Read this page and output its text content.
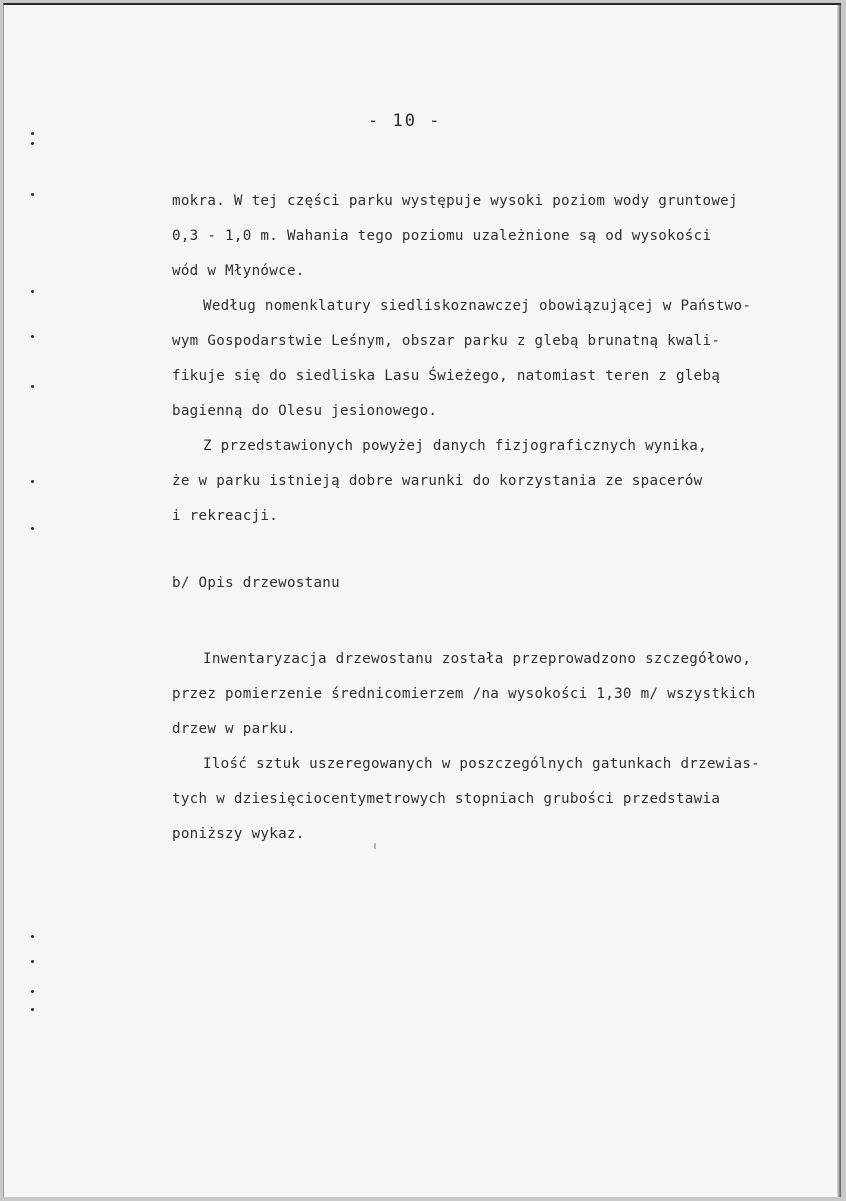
- 10 -
mokra. W tej części parku występuje wysoki poziom wody gruntowej
0,3 - 1,0 m. Wahania tego poziomu uzależnione są od wysokości
wód w Młynówce.
Według nomenklatury siedliskoznawczej obowiązującej w Państwo-
wym Gospodarstwie Leśnym, obszar parku z glebą brunatną kwali-
fikuje się do siedliska Lasu Świeżego, natomiast teren z glebą
bagienną do Olesu jesionowego.
Z przedstawionych powyżej danych fizjograficznych wynika,
że w parku istnieją dobre warunki do korzystania ze spacerów
i rekreacji.
b/ Opis drzewostanu
Inwentaryzacja drzewostanu została przeprowadzono szczegółowo,
przez pomierzenie średnicomierzem /na wysokości 1,30 m/ wszystkich
drzew w parku.
Ilość sztuk uszeregowanych w poszczególnych gatunkach drzewias-
tych w dziesięciocentymetrowych stopniach grubości przedstawia
poniższy wykaz.
